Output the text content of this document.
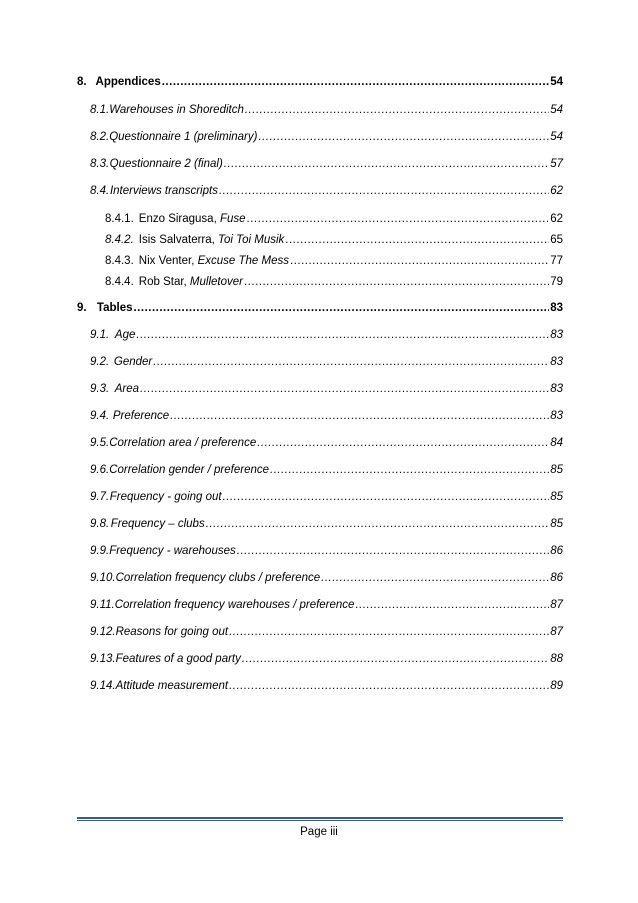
8. Appendices .....	54
8.1. Warehouses in Shoreditch .....	54
8.2. Questionnaire 1 (preliminary) .....	54
8.3. Questionnaire 2 (final) .....	57
8.4. Interviews transcripts .....	62
8.4.1. Enzo Siragusa, Fuse .....	62
8.4.2. Isis Salvaterra, Toi Toi Musik .....	65
8.4.3. Nix Venter, Excuse The Mess .....	77
8.4.4. Rob Star, Mulletover .....	79
9. Tables .....	83
9.1. Age .....	83
9.2. Gender .....	83
9.3. Area .....	83
9.4. Preference .....	83
9.5. Correlation area / preference .....	84
9.6. Correlation gender / preference .....	85
9.7. Frequency - going out .....	85
9.8. Frequency – clubs .....	85
9.9. Frequency - warehouses .....	86
9.10. Correlation frequency clubs / preference .....	86
9.11. Correlation frequency warehouses / preference .....	87
9.12. Reasons for going out .....	87
9.13. Features of a good party .....	88
9.14. Attitude measurement .....	89
Page iii
